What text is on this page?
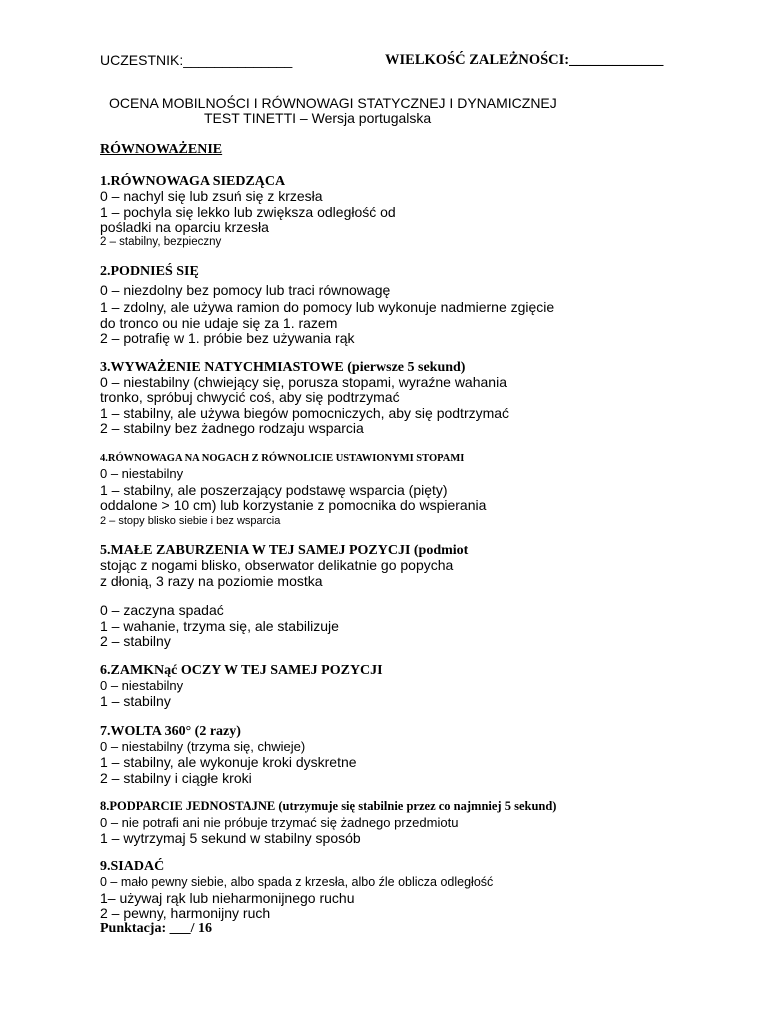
UCZESTNIK:______________	WIELKOŚĆ ZALEŻNOŚCI:_____________
OCENA MOBILNOŚCI I RÓWNOWAGI STATYCZNEJ I DYNAMICZNEJ
TEST TINETTI – Wersja portugalska
RÓWNOWAŻENIE
1.RÓWNOWAGA SIEDZĄCA
0 – nachyl się lub zsuń się z krzesła
1 – pochyla się lekko lub zwiększa odległość od
pośladki na oparciu krzesła
2 – stabilny, bezpieczny
2.PODNIEŚ SIĘ
0 – niezdolny bez pomocy lub traci równowagę
1 – zdolny, ale używa ramion do pomocy lub wykonuje nadmierne zgięcie
do tronco ou nie udaje się za 1. razem
2 – potrafię w 1. próbie bez używania rąk
3.WYWAŻENIE NATYCHMIASTOWE (pierwsze 5 sekund)
0 – niestabilny (chwiejący się, porusza stopami, wyraźne wahania
tronko, spróbuj chwycić coś, aby się podtrzymać
1 – stabilny, ale używa biegów pomocniczych, aby się podtrzymać
2 – stabilny bez żadnego rodzaju wsparcia
4.RÓWNOWAGA NA NOGACH Z RÓWNOLICIE USTAWIONYMI STOPAMI
0 – niestabilny
1 – stabilny, ale poszerzający podstawę wsparcia (pięty)
oddalone > 10 cm) lub korzystanie z pomocnika do wspierania
2 – stopy blisko siebie i bez wsparcia
5.MAŁE ZABURZENIA W TEJ SAMEJ POZYCJI (podmiot
stojąc z nogami blisko, obserwator delikatnie go popycha
z dłonią, 3 razy na poziomie mostka
0 – zaczyna spadać
1 – wahanie, trzyma się, ale stabilizuje
2 – stabilny
6.ZAMKNąć OCZY W TEJ SAMEJ POZYCJI
0 – niestabilny
1 – stabilny
7.WOLTA 360° (2 razy)
0 – niestabilny (trzyma się, chwieje)
1 – stabilny, ale wykonuje kroki dyskretne
2 – stabilny i ciągłe kroki
8.PODPARCIE JEDNOSTAJNE (utrzymuje się stabilnie przez co najmniej 5 sekund)
0 – nie potrafi ani nie próbuje trzymać się żadnego przedmiotu
1 – wytrzymaj 5 sekund w stabilny sposób
9.SIADAĆ
0 – mało pewny siebie, albo spada z krzesła, albo źle oblicza odległość
1– używaj rąk lub nieharmonijnego ruchu
2 – pewny, harmonijny ruch
Punktacja: ___/ 16
